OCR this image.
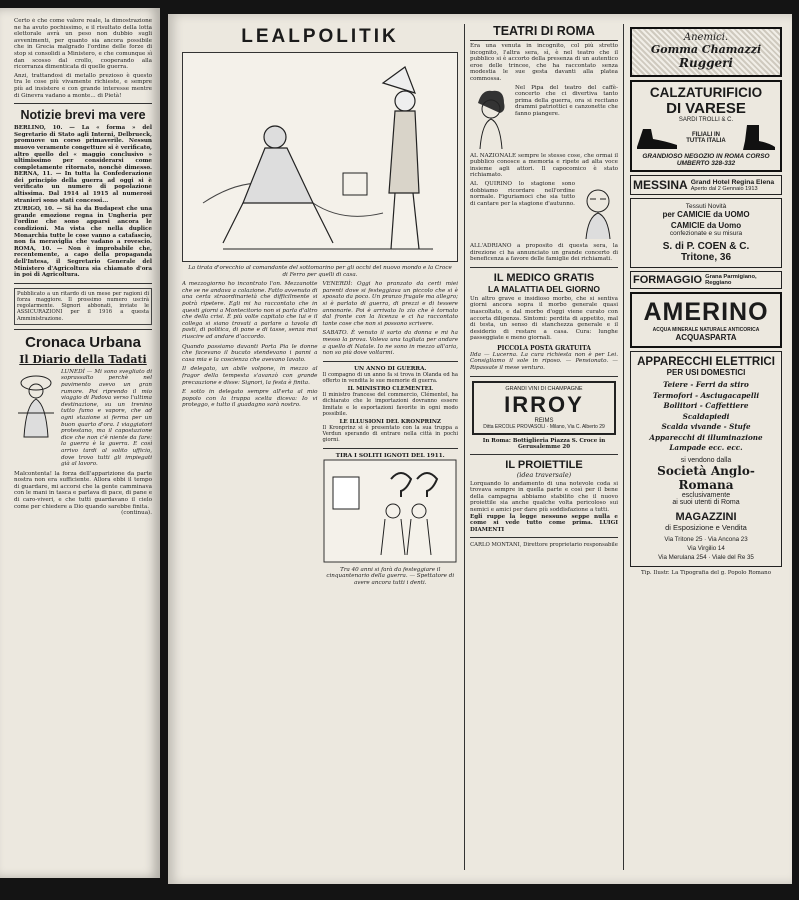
Certo è che come valore reale, la dimostrazione ne ha avuto pochissimo, e il risultato della lotta elettorale avrà un peso non dubbio sugli avvenimenti, per quanto sia ancora possibile che in Grecia malgrado l'ordine delle forze di stop si consolidi a Ministero, e che comunque sì dan scosso dal crollo, cooperando alla ricorranza dimenticata di quelle guerra.
Anzi, trattandosi di metallo prezioso è questo tra le cose più vivamente richieste, e sempre più ad insistere e con grande interesse mentre di Ginevra vadano a monte... di Pietà!
Notizie brevi ma vere
BERLINO, 10. — La « forma » del Segretario di Stato agli Interni, Delbrueck, promuove un corso primaverile. Nessun muovo veramente congetture si è verificato, altro quello del « maggio conclusivo » ultimissimo per considerarsi come completamente ritornato, nonchè dimesso. BERNA, 11. — In tutta la Confederazione dei principio della guerra ad oggi si è verificato un numero di popolazione altissima. Dal 1914 al 1915 al numerosi stranieri sono stati concessi...
ZURIGO, 10. — Si ha da Budapest che una grande emozione regna in Ungheria per l'ordine che sono apparsi ancora le condizioni. Ma vista che nella duplice Monarchia tutte le cose vanno a catafascio, non fa meraviglia che vadano a rovescio. ROMA, 10. — Non è improbabile che, recentemente, a capo della propaganda dell'Intesa, il Segretario Generale del Ministero d'Agricoltura sia chiamato d'ora in poi di Agricoltura.
Pubblicato a un ritardo di un mese per ragioni di forza maggiore. Il prossimo numero uscirà regolarmente. Signori abbonati, inviate le ASSICURAZIONI per il 1916 a questa Amministrazione.
Cronaca Urbana
Il Diario della Tadati
LUNEDÌ — Mi sono svegliato di soprassalto perchè nel pavimento avevo un gran rumore. Poi riprendo il mio viaggio di Padova verso l'ultima destinazione, su un trenino tutto fumo e vapore, che ad ogni stazione si ferma per un buon quarto d'ora. I viaggiatori protestano, ma il capostazione dice che non c'è niente da fare: la guerra è la guerra. E così arrivo tardi al solito ufficio, dove trovo tutti gli impiegati già al lavoro.
Malcontenta! la forza dell'apparizione da parte nostra non era sufficiente. Allora ebbi il tempo di guardare, mi accorsi che la gente camminava con le mani in tasca e parlava di pace, di pane e di caro-viveri, e che tutti guardavano il cielo come per chiedere a Dio quando sarebbe finita.
(continua).
LEALPOLITIK
La tirata d'orecchio al comandante del sottomarino per gli occhi del nuovo mondo e la Croce di Ferro per quelli di casa.
A mezzogiorno ho incontrato l'on. Mezzanotte che se ne andava a colazione. Fatto avvenuto di una certa straordinarietà che difficilmente si potrà ripetere. Egli mi ha raccontato che in questi giorni a Montecitorio non si parla d'altro che della crisi. È più volte capitato che lui e il collega si siano trovati a parlare a tavola di pasti, di politica, di pane e di tasse, senza mai riuscire ad andare d'accordo.
Quando passiamo davanti Porta Pia le donne che facevano il bucato stendevano i panni a casa mia e la coscienza che avevano lavato.
Il delegato, un abile volpone, in mezzo al fragor della tempesta s'avanzò con grande precauzione e disse: Signori, la festa è finita.
E sotto in delegato sempre all'erta al mio popolo con la truppa scelta diceva: Io vi proteggo, e tutto il guadagno sarà nostro.
VENERDÌ: Oggi ho pranzato da certi miei parenti dove si festeggiava un piccolo che si è sposato da poco. Un pranzo frugale ma allegro; si è parlato di guerra, di prezzi e di tessere annonarie. Poi è arrivato lo zio che è tornato dal fronte con la licenza e ci ha raccontato tante cose che non si possono scrivere.
SABATO. È venuto il sarto da donna e mi ha messo la prova. Voleva una tagliata per andare a quello di Natale. Io ne sono in mezzo all'aria, non so più dove voltarmi.
UN ANNO DI GUERRA.
Il compagno di un anno fa si trova in Olanda ed ha offerto in vendita le sue memorie di guerra.
IL MINISTRO CLEMENTEL
Il ministro francese del commercio, Clémentel, ha dichiarato che le importazioni dovranno essere limitate e le esportazioni favorite in ogni modo possibile.
LE ILLUSIONI DEL KRONPRINZ
Il Kronprinz si è presentato con la sua truppa a Verdun sperando di entrare nella città in pochi giorni.
TIRA I SOLITI IGNOTI DEL 1911.
Tra 40 anni si farà da festeggiare il cinquantenario della guerra. — Spettatore di avere ancora tutti i denti.
TEATRI DI ROMA
Era una venuta in incognito, col più stretto incognito, l'altra sera, sì, è nel teatro che il pubblico si è accorto della presenza di un autentico eroe delle trincee, che ha raccontato senza modestia le sue gesta davanti alla platea commossa.
Nel Pipa del teatro del caffè-concerto che ci divertiva tanto prima della guerra, ora si recitano drammi patriottici e canzonette che fanno piangere.
AL NAZIONALE sempre le stesse cose, che ormai il pubblico conosce a memoria e ripete ad alta voce insieme agli attori. Il capocomico è stato richiamato.
AL QUIRINO lo stagione sono dobbiamo ricordare nell'ordine normale. Figuriamoci che sia tutto di cantare per la stagione d'autunno.
ALL'ADRIANO a proposito di questa sera, la direzione ci ha annunciato un grande concerto di beneficenza a favore delle famiglie dei richiamati.
IL MEDICO GRATIS
LA MALATTIA DEL GIORNO
Un altro grave e insidioso morbo, che si sentiva giorni ancora sopra il morbo generale quasi inascoltato, e dal morbo d'oggi viene curato con accorta diligenza. Sintomi: perdita di appetito, mal di testa, un senso di stanchezza generale e il desiderio di restare a casa. Cura: lunghe passeggiate e meno giornali.
PICCOLA POSTA GRATUITA
Ilda — Lucerna. La cura richiesta non è per Lei. Consigliamo il sole in riposo. — Pensionato. — Ripassate il mese venturo.
GRANDI VINI DI CHAMPAGNE
IRROY
REIMS
Ditta ERCOLE PROVASOLI · Milano, Via C. Alberto 29
In Roma: Bottiglieria Piazza S. Croce in Gerusalemme 20
IL PROIETTILE
(idea traversale)
Lorquando lo andamento di una notevole coda si trovava sempre in quella parte e così per il bene della campagna abbiamo stabilito che il nuovo proiettile sia anche qualche volta pericoloso sui nemici e amici per dare più soddisfazione a tutti.
Egli ruppe la legge nessuno seppe nulla e come si vede tutto come prima. LUIGI DIAMENTI
CARLO MONTANI, Direttore proprietario responsabile
Anemici.
Gomma Chamazzi
Ruggeri
CALZATURIFICIO
DI VARESE
SARDI TROLLI & C.
FILIALI IN TUTTA ITALIA
GRANDIOSO NEGOZIO IN ROMA CORSO UMBERTO 328-332
MESSINA Grand Hotel Regina Elena
Aperto dal 2 Gennaio 1913
Tessuti Novità
per CAMICIE da UOMO
CAMICIE da Uomo
confezionate e su misura
S. di P. COEN & C.
Tritone, 36
FORMAGGIO Grana Parmigiano, Reggiano
AMERINO
ACQUA MINERALE NATURALE ANTICORICA
ACQUASPARTA
APPARECCHI ELETTRICI
PER USI DOMESTICI
Teiere - Ferri da stiro
Termofori - Asciugacapelli
Bollitori - Caffettiere
Scaldapiedi
Scalda vivande - Stufe
Apparecchi di illuminazione
Lampade ecc. ecc.
si vendono dalla
Società Anglo-Romana
esclusivamente
ai suoi utenti di Roma
MAGAZZINI
di Esposizione e Vendita
Via Tritone 25 · Via Ancona 23
Via Virgilio 14
Via Merulana 254 · Viale del Re 35
Tip. Ilustr. La Tipografia del g. Popolo Romano
